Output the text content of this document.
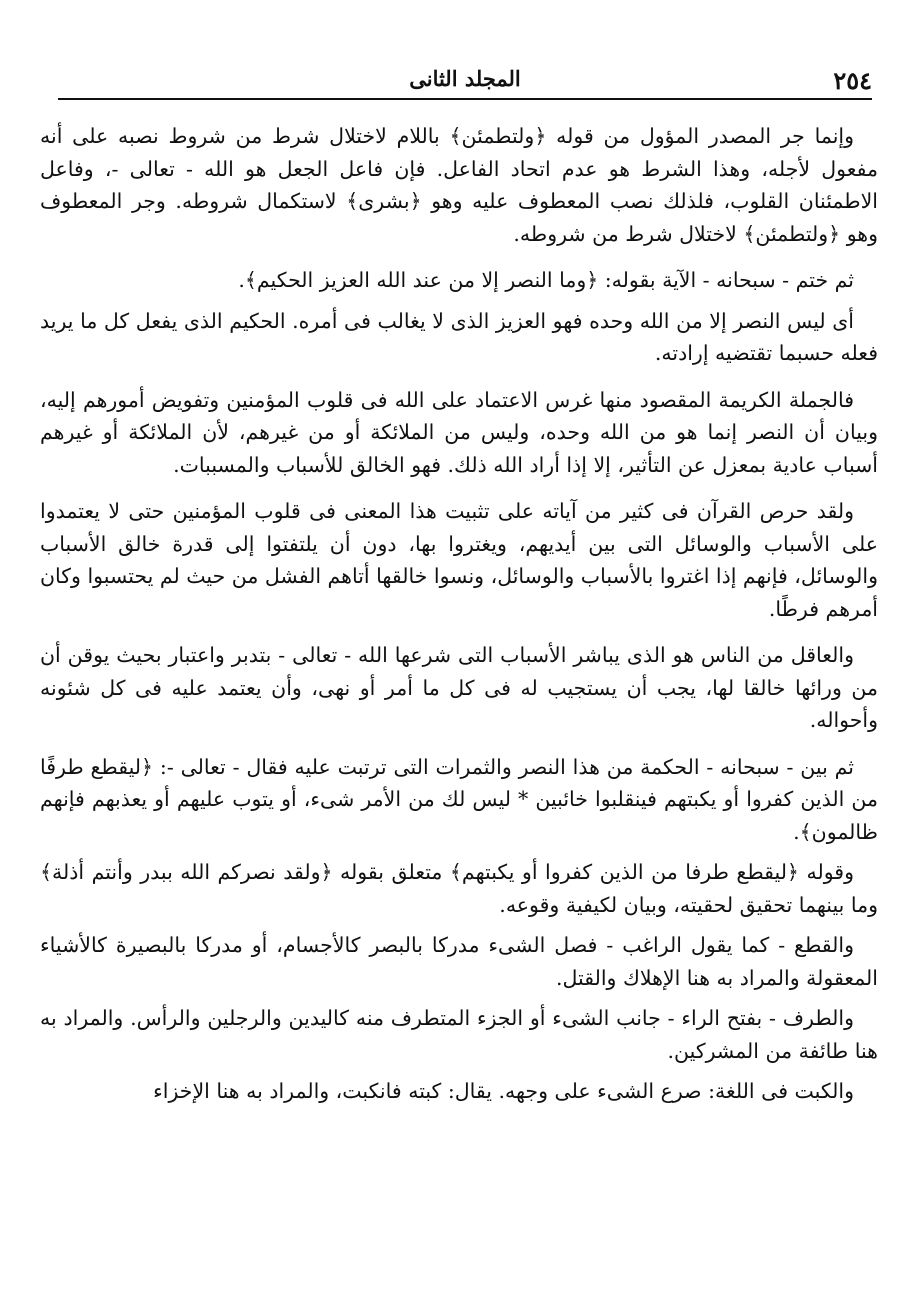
المجلد الثانى	٢٥٤

وإنما جر المصدر المؤول من قوله ﴿ولتطمئن﴾ باللام لاختلال شرط من شروط نصبه على أنه مفعول لأجله، وهذا الشرط هو عدم اتحاد الفاعل. فإن فاعل الجعل هو الله - تعالى -، وفاعل الاطمئنان القلوب، فلذلك نصب المعطوف عليه وهو ﴿بشرى﴾ لاستكمال شروطه. وجر المعطوف وهو ﴿ولتطمئن﴾ لاختلال شرط من شروطه.

ثم ختم - سبحانه - الآية بقوله: ﴿وما النصر إلا من عند الله العزيز الحكيم﴾.

أى ليس النصر إلا من الله وحده فهو العزيز الذى لا يغالب فى أمره. الحكيم الذى يفعل كل ما يريد فعله حسبما تقتضيه إرادته.

فالجملة الكريمة المقصود منها غرس الاعتماد على الله فى قلوب المؤمنين وتفويض أمورهم إليه، وبيان أن النصر إنما هو من الله وحده، وليس من الملائكة أو من غيرهم، لأن الملائكة أو غيرهم أسباب عادية بمعزل عن التأثير، إلا إذا أراد الله ذلك. فهو الخالق للأسباب والمسببات.

ولقد حرص القرآن فى كثير من آياته على تثبيت هذا المعنى فى قلوب المؤمنين حتى لا يعتمدوا على الأسباب والوسائل التى بين أيديهم، ويغتروا بها، دون أن يلتفتوا إلى قدرة خالق الأسباب والوسائل، فإنهم إذا اغتروا بالأسباب والوسائل، ونسوا خالقها أتاهم الفشل من حيث لم يحتسبوا وكان أمرهم فرطًا.

والعاقل من الناس هو الذى يباشر الأسباب التى شرعها الله - تعالى - بتدبر واعتبار بحيث يوقن أن من ورائها خالقا لها، يجب أن يستجيب له فى كل ما أمر أو نهى، وأن يعتمد عليه فى كل شئونه وأحواله.

ثم بين - سبحانه - الحكمة من هذا النصر والثمرات التى ترتبت عليه فقال - تعالى -: ﴿ليقطع طرفًا من الذين كفروا أو يكبتهم فينقلبوا خائبين * ليس لك من الأمر شىء، أو يتوب عليهم أو يعذبهم فإنهم ظالمون﴾.

وقوله ﴿ليقطع طرفا من الذين كفروا أو يكبتهم﴾ متعلق بقوله ﴿ولقد نصركم الله ببدر وأنتم أذلة﴾ وما بينهما تحقيق لحقيته، وبيان لكيفية وقوعه.

والقطع - كما يقول الراغب - فصل الشىء مدركا بالبصر كالأجسام، أو مدركا بالبصيرة كالأشياء المعقولة والمراد به هنا الإهلاك والقتل.

والطرف - بفتح الراء - جانب الشىء أو الجزء المتطرف منه كاليدين والرجلين والرأس. والمراد به هنا طائفة من المشركين.

والكبت فى اللغة: صرع الشىء على وجهه. يقال: كبته فانكبت، والمراد به هنا الإخزاء
